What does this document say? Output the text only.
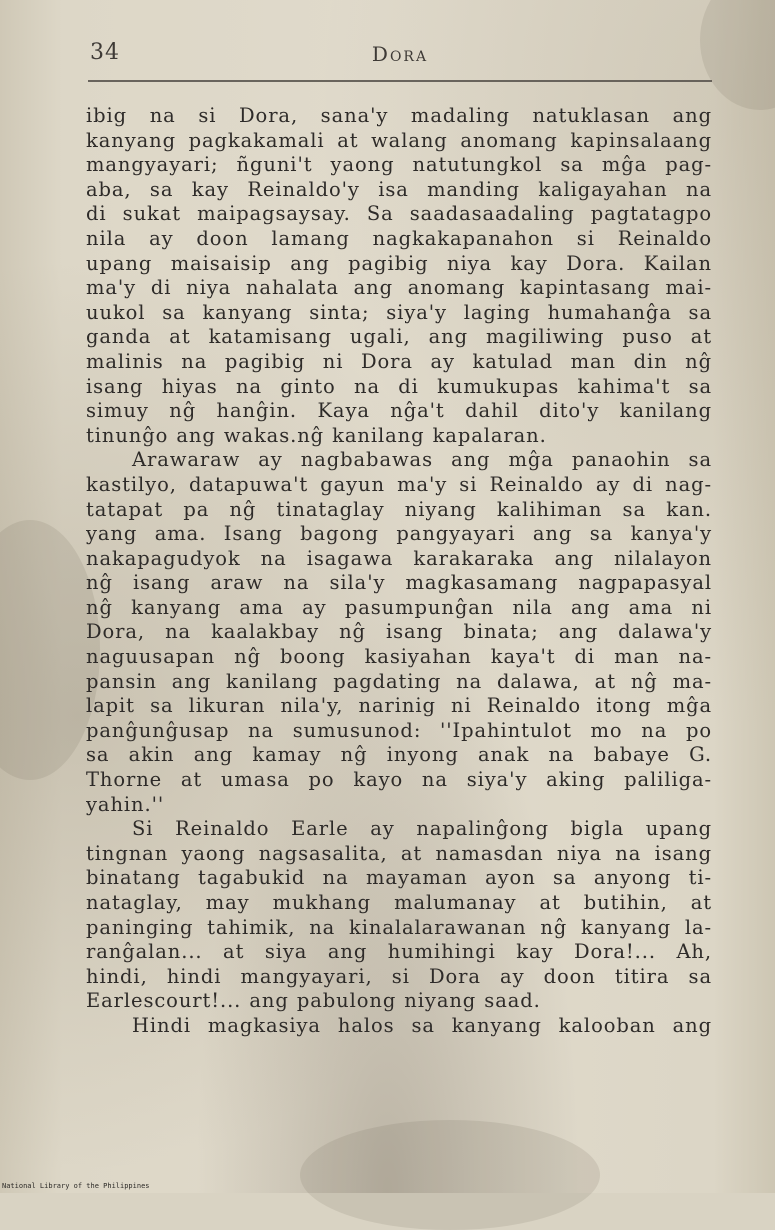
34	Dora
ibig na si Dora, sana'y madaling natuklasan ang
kanyang pagkakamali at walang anomang kapinsalaang
mangyayari; ñguni't yaong natutungkol sa mĝa pag-
aba, sa kay Reinaldo'y isa manding kaligayahan na
di sukat maipagsaysay. Sa saadasaadaling pagtatagpo
nila ay doon lamang nagkakapanahon si Reinaldo
upang maisaisip ang pagibig niya kay Dora. Kailan
ma'y di niya nahalata ang anomang kapintasang mai-
uukol sa kanyang sinta; siya'y laging humahanĝa sa
ganda at katamisang ugali, ang magiliwing puso at
malinis na pagibig ni Dora ay katulad man din nĝ
isang hiyas na ginto na di kumukupas kahima't sa
simuy nĝ hanĝin. Kaya nĝa't dahil dito'y kanilang
tinunĝo ang wakas.nĝ kanilang kapalaran.
Arawaraw ay nagbabawas ang mĝa panaohin sa
kastilyo, datapuwa't gayun ma'y si Reinaldo ay di nag-
tatapat pa nĝ tinataglay niyang kalihiman sa kan.
yang ama. Isang bagong pangyayari ang sa kanya'y
nakapagudyok na isagawa karakaraka ang nilalayon
nĝ isang araw na sila'y magkasamang nagpapasyal
nĝ kanyang ama ay pasumpunĝan nila ang ama ni
Dora, na kaalakbay nĝ isang binata; ang dalawa'y
naguusapan nĝ boong kasiyahan kaya't di man na-
pansin ang kanilang pagdating na dalawa, at nĝ ma-
lapit sa likuran nila'y, narinig ni Reinaldo itong mĝa
panĝunĝusap na sumusunod: ''Ipahintulot mo na po
sa akin ang kamay nĝ inyong anak na babaye G.
Thorne at umasa po kayo na siya'y aking paliliga-
yahin.''
Si Reinaldo Earle ay napalinĝong bigla upang
tingnan yaong nagsasalita, at namasdan niya na isang
binatang tagabukid na mayaman ayon sa anyong ti-
nataglay, may mukhang malumanay at butihin, at
paninging tahimik, na kinalalarawanan nĝ kanyang la-
ranĝalan... at siya ang humihingi kay Dora!... Ah,
hindi, hindi mangyayari, si Dora ay doon titira sa
Earlescourt!... ang pabulong niyang saad.
Hindi magkasiya halos sa kanyang kalooban ang
National Library of the Philippines
